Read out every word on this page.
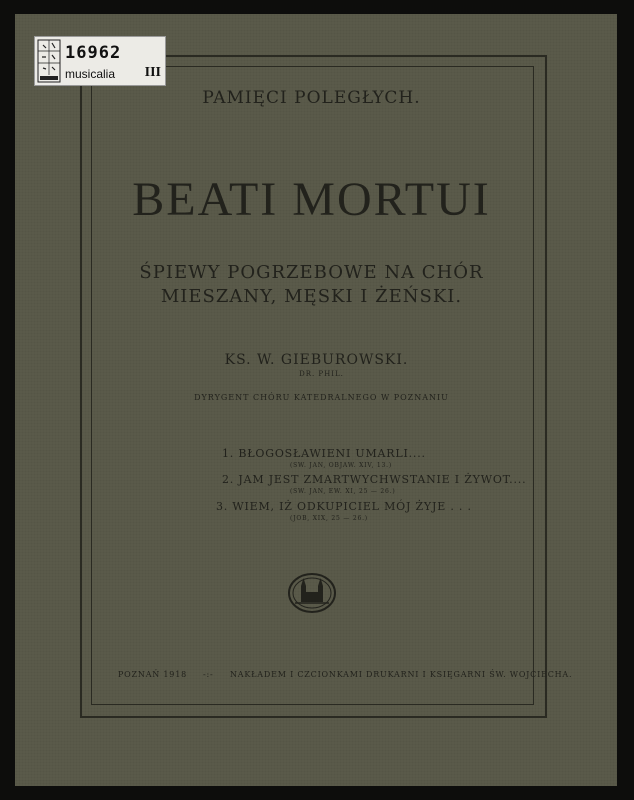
16962
musicalia III
PAMIĘCI POLEGŁYCH.
BEATI MORTUI
ŚPIEWY POGRZEBOWE NA CHÓR
MIESZANY, MĘSKI I ŻEŃSKI.
KS. W. GIEBUROWSKI.
DR. PHIL.
DYRYGENT CHÓRU KATEDRALNEGO W POZNANIU
1. BŁOGOSŁAWIENI UMARLI....
(SW. JAN, OBJAW. XIV, 13.)
2. JAM JEST ZMARTWYCHWSTANIE I ŻYWOT....
(SW. JAN, EW. XI, 25 — 26.)
3. WIEM, IŻ ODKUPICIEL MÓJ ŻYJE . . .
(JOB, XIX, 25 — 26.)
POZNAŃ 1918 -:- NAKŁADEM I CZCIONKAMI DRUKARNI I KSIĘGARNI ŚW. WOJCIECHA.
